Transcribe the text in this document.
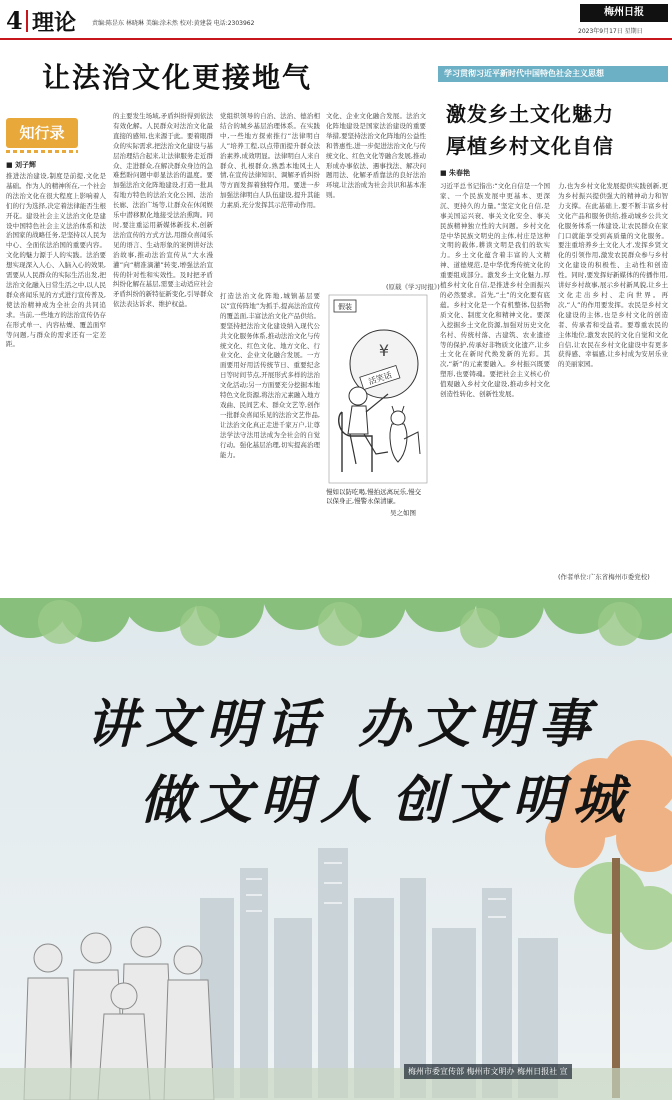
4 理论	责编:陈昰东 林晓琳 美编:涂未然 校对:黄建袋 电话:2303962
梅州日报
2023年9月17日 星期日
让法治文化更接地气
知行录
■ 刘子辉
推进法治建设,制度是前提,文化是基础。作为人的精神所在,一个社会的法治文化在很大程度上影响着人们的行为选择,决定着法律能否生根开花。建设社会主义法治文化是建设中国特色社会主义法治体系和法治国家的战略任务,是坚持以人民为中心、全面依法治国的重要内容。文化的魅力源于人的实践。法治要想实现深入人心、入脑入心的效果,需要从人民群众的实际生活出发,把法治文化融入日常生活之中,以人民群众喜闻乐见的方式进行宣传普及,使法治精神成为全社会的共同追求。当前,一些地方的法治宣传仍存在形式单一、内容枯燥、覆盖面窄等问题,与群众的需求还有一定差距。
的主要发生场域,矛盾纠纷得到依法有效化解。人民群众对法治文化最直接的感知,也来源于此。要着眼群众的实际需求,把法治文化建设与基层治理结合起来,让法律服务走近群众、走进群众,在解决群众身边的急难愁盼问题中彰显法治的温度。要加强法治文化阵地建设,打造一批具有地方特色的法治文化公园、法治长廊、法治广场等,让群众在休闲娱乐中潜移默化地接受法治熏陶。同时,要注重运用新媒体新技术,创新法治宣传的方式方法,用群众喜闻乐见的语言、生动形象的案例讲好法治故事,推动法治宣传从“大水漫灌”向“精准滴灌”转变,增强法治宣传的针对性和实效性。及时把矛盾纠纷化解在基层,需要主动适应社会矛盾纠纷的新特征新变化,引导群众依法表达诉求、维护权益。
党组织领导的自治、法治、德治相结合的城乡基层治理体系。在实践中,一些地方探索推行“法律明白人”培养工程,以点带面提升群众法治素养,成效明显。法律明白人来自群众、扎根群众,熟悉本地风土人情,在宣传法律知识、调解矛盾纠纷等方面发挥着独特作用。要进一步加强法律明白人队伍建设,提升其能力素质,充分发挥其示范带动作用。
打造法治文化阵地,城镇基层要以“宣传阵地”为抓手,提高法治宣传的覆盖面,丰富法治文化产品供给。要坚持把法治文化建设纳入现代公共文化服务体系,推动法治文化与传统文化、红色文化、地方文化、行业文化、企业文化融合发展。一方面要用好用活传统节日、重要纪念日等时间节点,开展形式多样的法治文化活动;另一方面要充分挖掘本地特色文化资源,将法治元素融入地方戏曲、民间艺术、群众文艺等,创作一批群众喜闻乐见的法治文艺作品,让法治文化真正走进千家万户,让尊法学法守法用法成为全社会的自觉行动。强化基层治理,切实提高治理能力。
文化、企业文化融合发展。法治文化阵地建设是国家法治建设的重要举措,要坚持法治文化阵地的公益性和普惠性,进一步促进法治文化与传统文化、红色文化等融合发展,推动形成办事依法、遇事找法、解决问题用法、化解矛盾靠法的良好法治环境,让法治成为社会共识和基本准则。
(原载《学习时报》)
假装
¥
活笑话
慢如以防吃喝,慢拍远离玩乐,慢交以保身正,慢警永保清廉。
吴之如图
学习贯彻习近平新时代中国特色社会主义思想
激发乡土文化魅力
厚植乡村文化自信
■ 朱春艳
习近平总书记指出:“文化自信是一个国家、一个民族发展中更基本、更深沉、更持久的力量。”坚定文化自信,是事关国运兴衰、事关文化安全、事关民族精神独立性的大问题。乡村文化是中华民族文明史的主体,村庄是这种文明的载体,耕读文明是我们的软实力。乡土文化蕴含着丰富的人文精神、道德规范,是中华优秀传统文化的重要组成部分。激发乡土文化魅力,厚植乡村文化自信,是推进乡村全面振兴的必然要求。首先,“土”的文化要有底蕴。乡村文化是一个有机整体,包括物质文化、制度文化和精神文化。要深入挖掘乡土文化资源,加强对历史文化名村、传统村落、古建筑、农业遗迹等的保护,传承好非物质文化遗产,让乡土文化在新时代焕发新的光彩。其次,“新”的元素要融入。乡村振兴既要塑形,也要铸魂。要把社会主义核心价值观融入乡村文化建设,推动乡村文化创造性转化、创新性发展。
力,也为乡村文化发展提供实践创新,更为乡村振兴提供强大的精神动力和智力支撑。在此基础上,要不断丰富乡村文化产品和服务供给,推动城乡公共文化服务体系一体建设,让农民群众在家门口就能享受到高质量的文化服务。要注重培养乡土文化人才,发挥乡贤文化的引领作用,激发农民群众参与乡村文化建设的积极性、主动性和创造性。同时,要发挥好新媒体的传播作用,讲好乡村故事,展示乡村新风貌,让乡土文化走出乡村、走向世界。再次,“人”的作用要发挥。农民是乡村文化建设的主体,也是乡村文化的创造者、传承者和受益者。要尊重农民的主体地位,激发农民的文化自觉和文化自信,让农民在乡村文化建设中有更多获得感、幸福感,让乡村成为安居乐业的美丽家园。
(作者单位:广东省梅州市委党校)
讲文明话 办文明事
做文明人 创文明城
梅州市委宣传部 梅州市文明办 梅州日报社 宣
